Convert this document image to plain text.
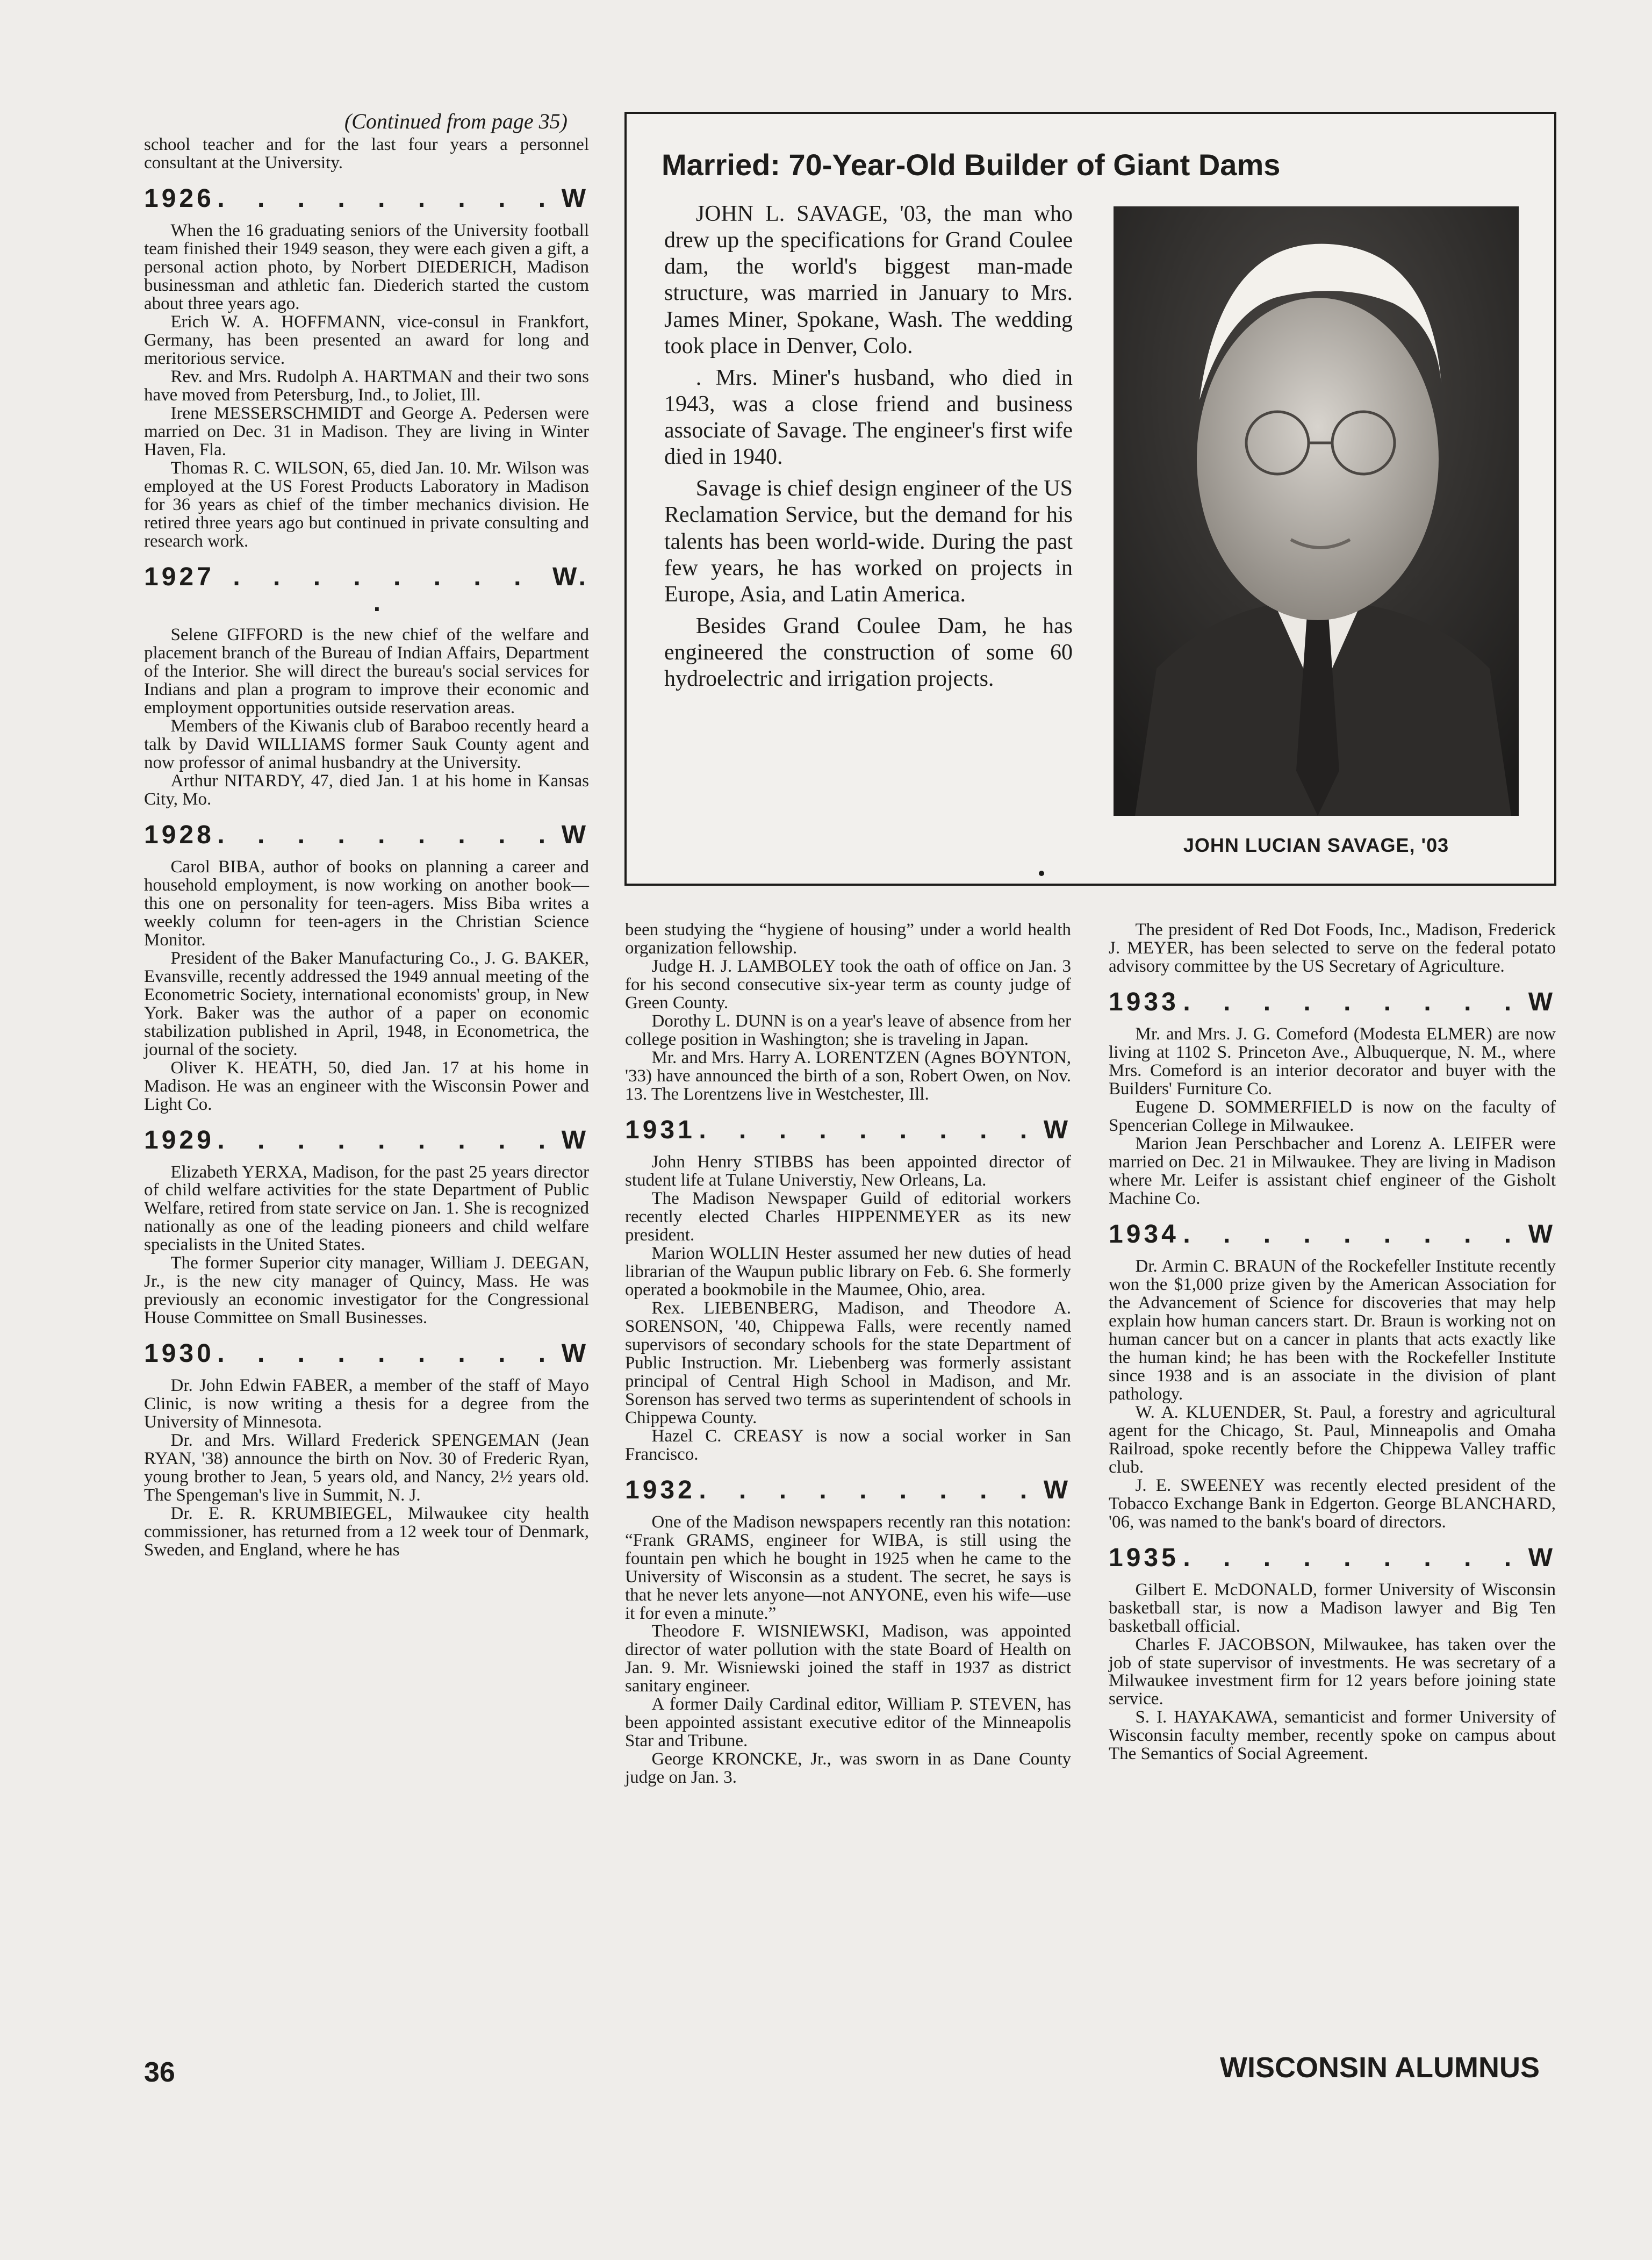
(Continued from page 35)

school teacher and for the last four years a personnel consultant at the University.

1926 . . . . . . . . . W

When the 16 graduating seniors of the University football team finished their 1949 season, they were each given a gift, a personal action photo, by Norbert DIEDERICH, Madison businessman and athletic fan. Diederich started the custom about three years ago.

Erich W. A. HOFFMANN, vice-consul in Frankfort, Germany, has been presented an award for long and meritorious service.

Rev. and Mrs. Rudolph A. HARTMAN and their two sons have moved from Petersburg, Ind., to Joliet, Ill.

Irene MESSERSCHMIDT and George A. Pedersen were married on Dec. 31 in Madison. They are living in Winter Haven, Fla.

Thomas R. C. WILSON, 65, died Jan. 10. Mr. Wilson was employed at the US Forest Products Laboratory in Madison for 36 years as chief of the timber mechanics division. He retired three years ago but continued in private consulting and research work.

1927 . . . . . . . . .
W.

Selene GIFFORD is the new chief of the welfare and placement branch of the Bureau of Indian Affairs, Department of the Interior. She will direct the bureau's social services for Indians and plan a program to improve their economic and employment opportunities outside reservation areas.

Members of the Kiwanis club of Baraboo recently heard a talk by David WILLIAMS former Sauk County agent and now professor of animal husbandry at the University.

Arthur NITARDY, 47, died Jan. 1 at his home in Kansas City, Mo.

1928 . . . . . . . . . W

Carol BIBA, author of books on planning a career and household employment, is now working on another book—this one on personality for teen-agers. Miss Biba writes a weekly column for teen-agers in the Christian Science Monitor.

President of the Baker Manufacturing Co., J. G. BAKER, Evansville, recently addressed the 1949 annual meeting of the Econometric Society, international economists' group, in New York. Baker was the author of a paper on economic stabilization published in April, 1948, in Econometrica, the journal of the society.

Oliver K. HEATH, 50, died Jan. 17 at his home in Madison. He was an engineer with the Wisconsin Power and Light Co.

1929 . . . . . . . . . W

Elizabeth YERXA, Madison, for the past 25 years director of child welfare activities for the state Department of Public Welfare, retired from state service on Jan. 1. She is recognized nationally as one of the leading pioneers and child welfare specialists in the United States.

The former Superior city manager, William J. DEEGAN, Jr., is the new city manager of Quincy, Mass. He was previously an economic investigator for the Congressional House Committee on Small Businesses.

1930 . . . . . . . . . W

Dr. John Edwin FABER, a member of the staff of Mayo Clinic, is now writing a thesis for a degree from the University of Minnesota.

Dr. and Mrs. Willard Frederick SPENGEMAN (Jean RYAN, '38) announce the birth on Nov. 30 of Frederic Ryan, young brother to Jean, 5 years old, and Nancy, 2½ years old. The Spengeman's live in Summit, N. J.

Dr. E. R. KRUMBIEGEL, Milwaukee city health commissioner, has returned from a 12 week tour of Denmark, Sweden, and England, where he has

Married: 70-Year-Old Builder of Giant Dams

JOHN L. SAVAGE, '03, the man who drew up the specifications for Grand Coulee dam, the world's biggest man-made structure, was married in January to Mrs. James Miner, Spokane, Wash. The wedding took place in Denver, Colo.

. Mrs. Miner's husband, who died in 1943, was a close friend and business associate of Savage. The engineer's first wife died in 1940.

Savage is chief design engineer of the US Reclamation Service, but the demand for his talents has been world-wide. During the past few years, he has worked on projects in Europe, Asia, and Latin America.

Besides Grand Coulee Dam, he has engineered the construction of some 60 hydroelectric and irrigation projects.

JOHN LUCIAN SAVAGE, '03

been studying the “hygiene of housing” under a world health organization fellowship.

Judge H. J. LAMBOLEY took the oath of office on Jan. 3 for his second consecutive six-year term as county judge of Green County.

Dorothy L. DUNN is on a year's leave of absence from her college position in Washington; she is traveling in Japan.

Mr. and Mrs. Harry A. LORENTZEN (Agnes BOYNTON, '33) have announced the birth of a son, Robert Owen, on Nov. 13. The Lorentzens live in Westchester, Ill.

1931 . . . . . . . . . W

John Henry STIBBS has been appointed director of student life at Tulane Universtiy, New Orleans, La.

The Madison Newspaper Guild of editorial workers recently elected Charles HIPPENMEYER as its new president.

Marion WOLLIN Hester assumed her new duties of head librarian of the Waupun public library on Feb. 6. She formerly operated a bookmobile in the Maumee, Ohio, area.

Rex. LIEBENBERG, Madison, and Theodore A. SORENSON, '40, Chippewa Falls, were recently named supervisors of secondary schools for the state Department of Public Instruction. Mr. Liebenberg was formerly assistant principal of Central High School in Madison, and Mr. Sorenson has served two terms as superintendent of schools in Chippewa County.

Hazel C. CREASY is now a social worker in San Francisco.

1932 . . . . . . . . . W

One of the Madison newspapers recently ran this notation: “Frank GRAMS, engineer for WIBA, is still using the fountain pen which he bought in 1925 when he came to the University of Wisconsin as a student. The secret, he says is that he never lets anyone—not ANYONE, even his wife—use it for even a minute.”

Theodore F. WISNIEWSKI, Madison, was appointed director of water pollution with the state Board of Health on Jan. 9. Mr. Wisniewski joined the staff in 1937 as district sanitary engineer.

A former Daily Cardinal editor, William P. STEVEN, has been appointed assistant executive editor of the Minneapolis Star and Tribune.

George KRONCKE, Jr., was sworn in as Dane County judge on Jan. 3.

The president of Red Dot Foods, Inc., Madison, Frederick J. MEYER, has been selected to serve on the federal potato advisory committee by the US Secretary of Agriculture.

1933 . . . . . . . . . W

Mr. and Mrs. J. G. Comeford (Modesta ELMER) are now living at 1102 S. Princeton Ave., Albuquerque, N. M., where Mrs. Comeford is an interior decorator and buyer with the Builders' Furniture Co.

Eugene D. SOMMERFIELD is now on the faculty of Spencerian College in Milwaukee.

Marion Jean Perschbacher and Lorenz A. LEIFER were married on Dec. 21 in Milwaukee. They are living in Madison where Mr. Leifer is assistant chief engineer of the Gisholt Machine Co.

1934 . . . . . . . . . W

Dr. Armin C. BRAUN of the Rockefeller Institute recently won the $1,000 prize given by the American Association for the Advancement of Science for discoveries that may help explain how human cancers start. Dr. Braun is working not on human cancer but on a cancer in plants that acts exactly like the human kind; he has been with the Rockefeller Institute since 1938 and is an associate in the division of plant pathology.

W. A. KLUENDER, St. Paul, a forestry and agricultural agent for the Chicago, St. Paul, Minneapolis and Omaha Railroad, spoke recently before the Chippewa Valley traffic club.

J. E. SWEENEY was recently elected president of the Tobacco Exchange Bank in Edgerton. George BLANCHARD, '06, was named to the bank's board of directors.

1935 . . . . . . . . . W

Gilbert E. McDONALD, former University of Wisconsin basketball star, is now a Madison lawyer and Big Ten basketball official.

Charles F. JACOBSON, Milwaukee, has taken over the job of state supervisor of investments. He was secretary of a Milwaukee investment firm for 12 years before joining state service.

S. I. HAYAKAWA, semanticist and former University of Wisconsin faculty member, recently spoke on campus about The Semantics of Social Agreement.

36	WISCONSIN ALUMNUS
